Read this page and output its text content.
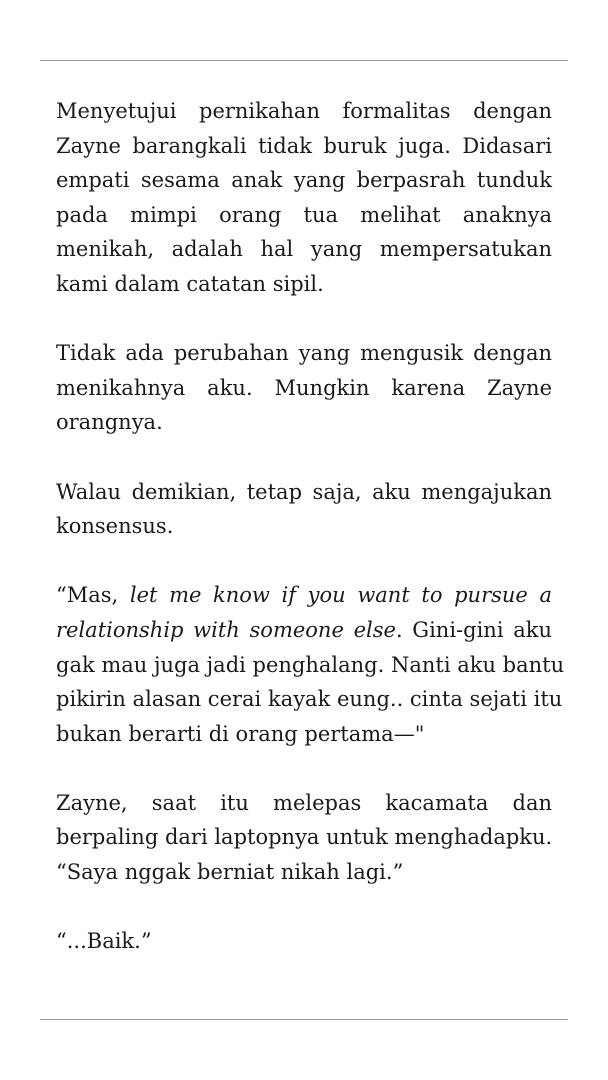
Menyetujui pernikahan formalitas dengan
Zayne barangkali tidak buruk juga. Didasari
empati sesama anak yang berpasrah tunduk
pada mimpi orang tua melihat anaknya
menikah, adalah hal yang mempersatukan
kami dalam catatan sipil.

Tidak ada perubahan yang mengusik dengan
menikahnya aku. Mungkin karena Zayne
orangnya.

Walau demikian, tetap saja, aku mengajukan
konsensus.

“Mas, let me know if you want to pursue a
relationship with someone else. Gini-gini aku
gak mau juga jadi penghalang. Nanti aku bantu
pikirin alasan cerai kayak eung.. cinta sejati itu
bukan berarti di orang pertama—"

Zayne, saat itu melepas kacamata dan
berpaling dari laptopnya untuk menghadapku.
“Saya nggak berniat nikah lagi.”

“...Baik.”
